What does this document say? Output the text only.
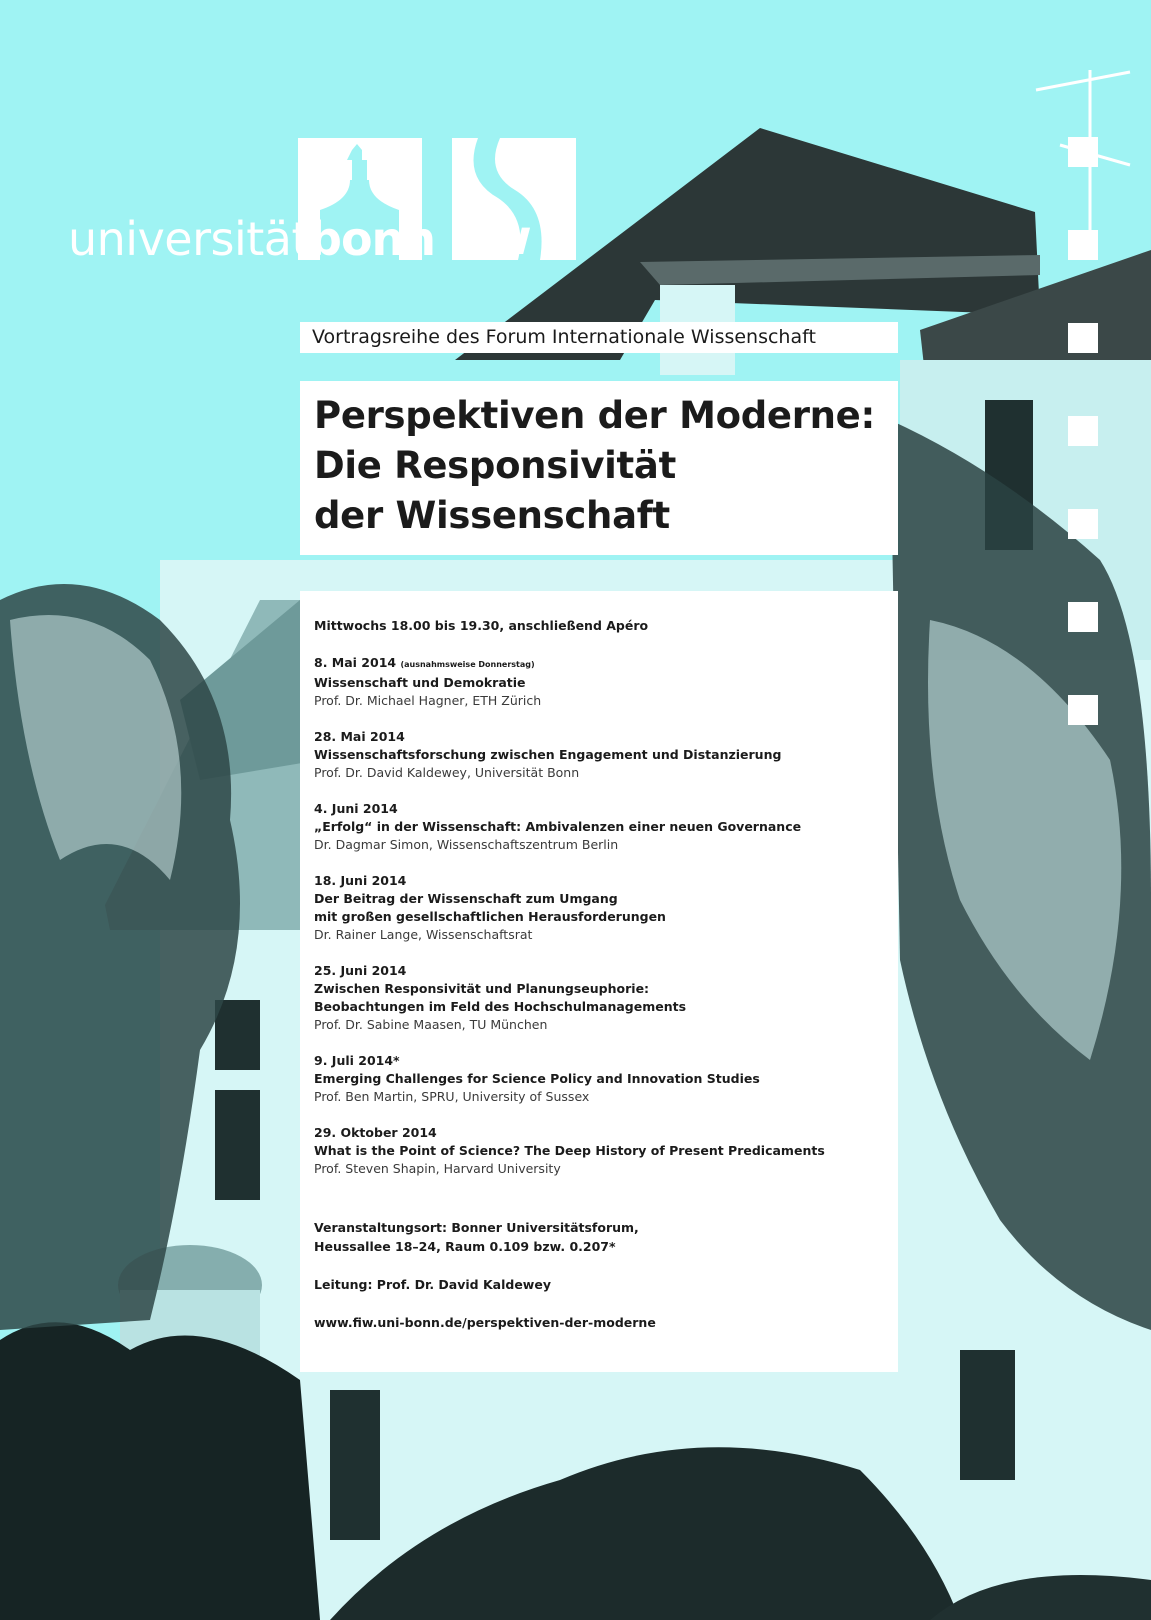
universitätbonn fiw N50°43'E7°7'
Vortragsreihe des Forum Internationale Wissenschaft
Perspektiven der Moderne:
Die Responsivität
der Wissenschaft
Mittwochs 18.00 bis 19.30, anschließend Apéro
8. Mai 2014 (ausnahmsweise Donnerstag)
Wissenschaft und Demokratie
Prof. Dr. Michael Hagner, ETH Zürich
28. Mai 2014
Wissenschaftsforschung zwischen Engagement und Distanzierung
Prof. Dr. David Kaldewey, Universität Bonn
4. Juni 2014
„Erfolg“ in der Wissenschaft: Ambivalenzen einer neuen Governance
Dr. Dagmar Simon, Wissenschaftszentrum Berlin
18. Juni 2014
Der Beitrag der Wissenschaft zum Umgang
mit großen gesellschaftlichen Herausforderungen
Dr. Rainer Lange, Wissenschaftsrat
25. Juni 2014
Zwischen Responsivität und Planungseuphorie:
Beobachtungen im Feld des Hochschulmanagements
Prof. Dr. Sabine Maasen, TU München
9. Juli 2014*
Emerging Challenges for Science Policy and Innovation Studies
Prof. Ben Martin, SPRU, University of Sussex
29. Oktober 2014
What is the Point of Science? The Deep History of Present Predicaments
Prof. Steven Shapin, Harvard University
Veranstaltungsort: Bonner Universitätsforum,
Heussallee 18–24, Raum 0.109 bzw. 0.207*
Leitung: Prof. Dr. David Kaldewey
www.fiw.uni-bonn.de/perspektiven-der-moderne
